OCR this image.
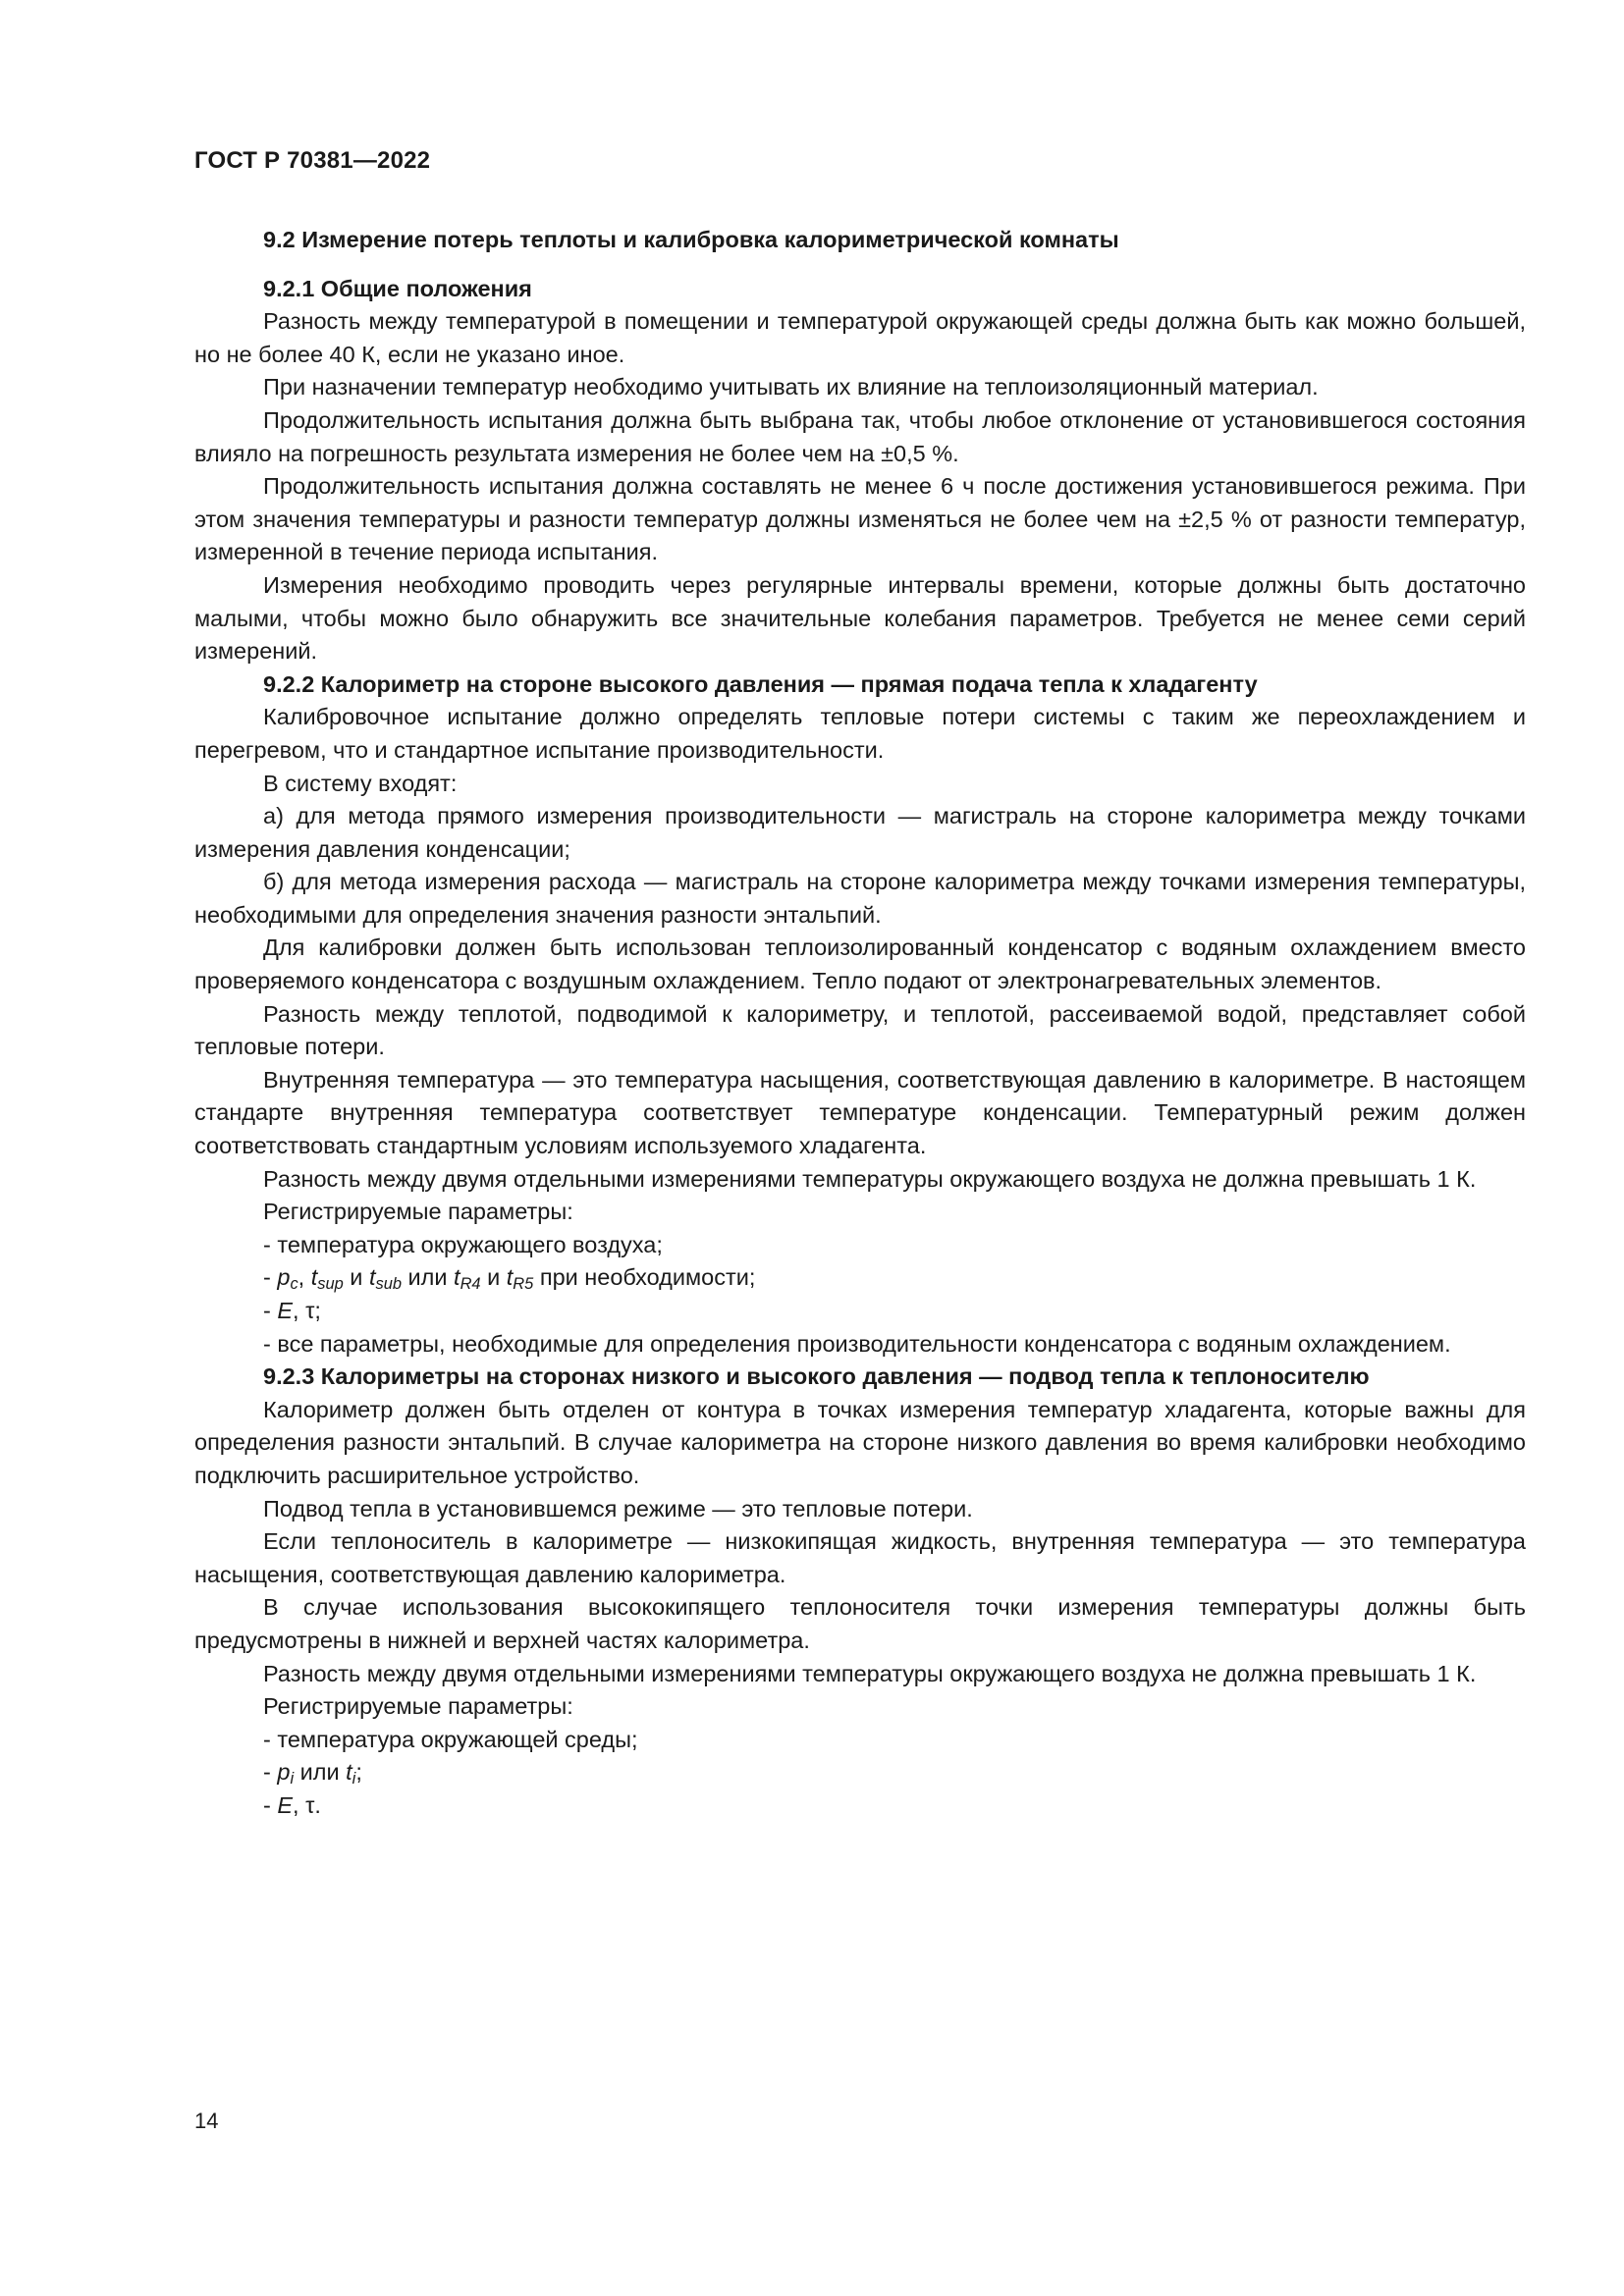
ГОСТ Р 70381—2022

9.2 Измерение потерь теплоты и калибровка калориметрической комнаты

9.2.1 Общие положения

Разность между температурой в помещении и температурой окружающей среды должна быть как можно большей, но не более 40 К, если не указано иное.

При назначении температур необходимо учитывать их влияние на теплоизоляционный материал.

Продолжительность испытания должна быть выбрана так, чтобы любое отклонение от установившегося состояния влияло на погрешность результата измерения не более чем на ±0,5 %.

Продолжительность испытания должна составлять не менее 6 ч после достижения установившегося режима. При этом значения температуры и разности температур должны изменяться не более чем на ±2,5 % от разности температур, измеренной в течение периода испытания.

Измерения необходимо проводить через регулярные интервалы времени, которые должны быть достаточно малыми, чтобы можно было обнаружить все значительные колебания параметров. Требуется не менее семи серий измерений.

9.2.2 Калориметр на стороне высокого давления — прямая подача тепла к хладагенту

Калибровочное испытание должно определять тепловые потери системы с таким же переохлаждением и перегревом, что и стандартное испытание производительности.

В систему входят:

а) для метода прямого измерения производительности — магистраль на стороне калориметра между точками измерения давления конденсации;

б) для метода измерения расхода — магистраль на стороне калориметра между точками измерения температуры, необходимыми для определения значения разности энтальпий.

Для калибровки должен быть использован теплоизолированный конденсатор с водяным охлаждением вместо проверяемого конденсатора с воздушным охлаждением. Тепло подают от электронагревательных элементов.

Разность между теплотой, подводимой к калориметру, и теплотой, рассеиваемой водой, представляет собой тепловые потери.

Внутренняя температура — это температура насыщения, соответствующая давлению в калориметре. В настоящем стандарте внутренняя температура соответствует температуре конденсации. Температурный режим должен соответствовать стандартным условиям используемого хладагента.

Разность между двумя отдельными измерениями температуры окружающего воздуха не должна превышать 1 К.

Регистрируемые параметры:

- температура окружающего воздуха;

- $p_c$, $t_{sup}$ и $t_{sub}$ или $t_{R4}$ и $t_{R5}$ при необходимости;

- E, τ;

- все параметры, необходимые для определения производительности конденсатора с водяным охлаждением.

9.2.3 Калориметры на сторонах низкого и высокого давления — подвод тепла к теплоносителю

Калориметр должен быть отделен от контура в точках измерения температур хладагента, которые важны для определения разности энтальпий. В случае калориметра на стороне низкого давления во время калибровки необходимо подключить расширительное устройство.

Подвод тепла в установившемся режиме — это тепловые потери.

Если теплоноситель в калориметре — низкокипящая жидкость, внутренняя температура — это температура насыщения, соответствующая давлению калориметра.

В случае использования высококипящего теплоносителя точки измерения температуры должны быть предусмотрены в нижней и верхней частях калориметра.

Разность между двумя отдельными измерениями температуры окружающего воздуха не должна превышать 1 К.

Регистрируемые параметры:

- температура окружающей среды;

- $p_i$ или $t_i$;

- E, τ.

14
